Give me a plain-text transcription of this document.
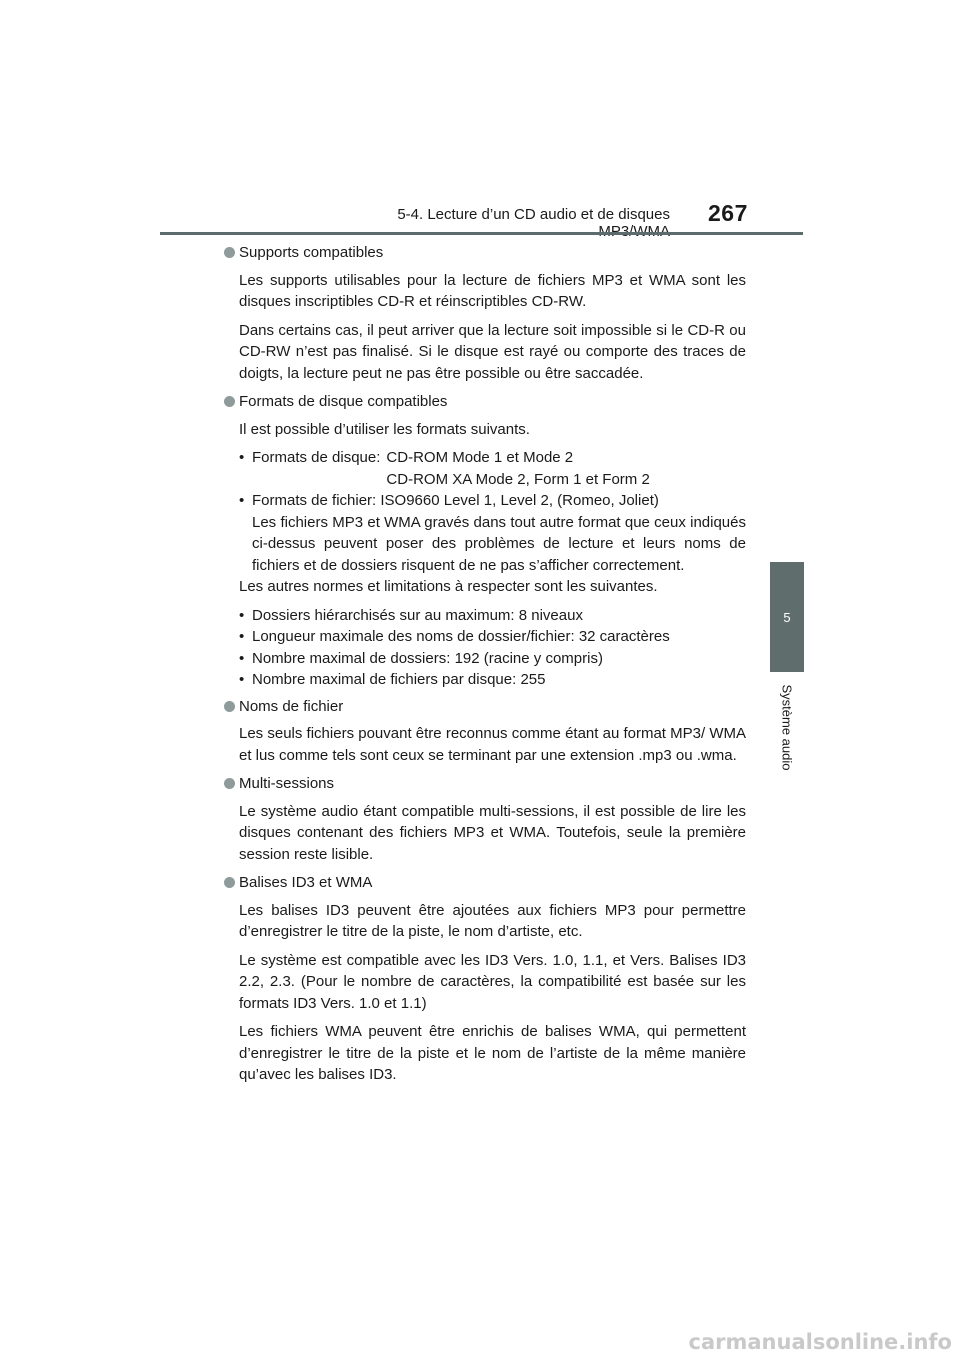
5-4. Lecture d’un CD audio et de disques 267
5
Système audio
Supports compatibles

Les supports utilisables pour la lecture de fichiers MP3 et WMA sont les disques inscriptibles CD-R et réinscriptibles CD-RW.

Dans certains cas, il peut arriver que la lecture soit impossible si le CD-R ou CD-RW n’est pas finalisé. Si le disque est rayé ou comporte des traces de doigts, la lecture peut ne pas être possible ou être saccadée.

Formats de disque compatibles

Il est possible d’utiliser les formats suivants.

• Formats de disque: CD-ROM Mode 1 et Mode 2
CD-ROM XA Mode 2, Form 1 et Form 2
• Formats de fichier: ISO9660 Level 1, Level 2, (Romeo, Joliet)

Les fichiers MP3 et WMA gravés dans tout autre format que ceux indiqués ci-dessus peuvent poser des problèmes de lecture et leurs noms de fichiers et de dossiers risquent de ne pas s’afficher correctement.

Les autres normes et limitations à respecter sont les suivantes.

• Dossiers hiérarchisés sur au maximum: 8 niveaux
• Longueur maximale des noms de dossier/fichier: 32 caractères
• Nombre maximal de dossiers: 192 (racine y compris)
• Nombre maximal de fichiers par disque: 255
Noms de fichier

Les seuls fichiers pouvant être reconnus comme étant au format MP3/ WMA et lus comme tels sont ceux se terminant par une extension .mp3 ou .wma.

Multi-sessions

Le système audio étant compatible multi-sessions, il est possible de lire les disques contenant des fichiers MP3 et WMA. Toutefois, seule la première session reste lisible.

Balises ID3 et WMA

Les balises ID3 peuvent être ajoutées aux fichiers MP3 pour permettre d’enregistrer le titre de la piste, le nom d’artiste, etc.

Le système est compatible avec les ID3 Vers. 1.0, 1.1, et Vers. Balises ID3 2.2, 2.3. (Pour le nombre de caractères, la compatibilité est basée sur les formats ID3 Vers. 1.0 et 1.1)

Les fichiers WMA peuvent être enrichis de balises WMA, qui permettent d’enregistrer le titre de la piste et le nom de l’artiste de la même manière qu’avec les balises ID3.

carmanualsonline.info
